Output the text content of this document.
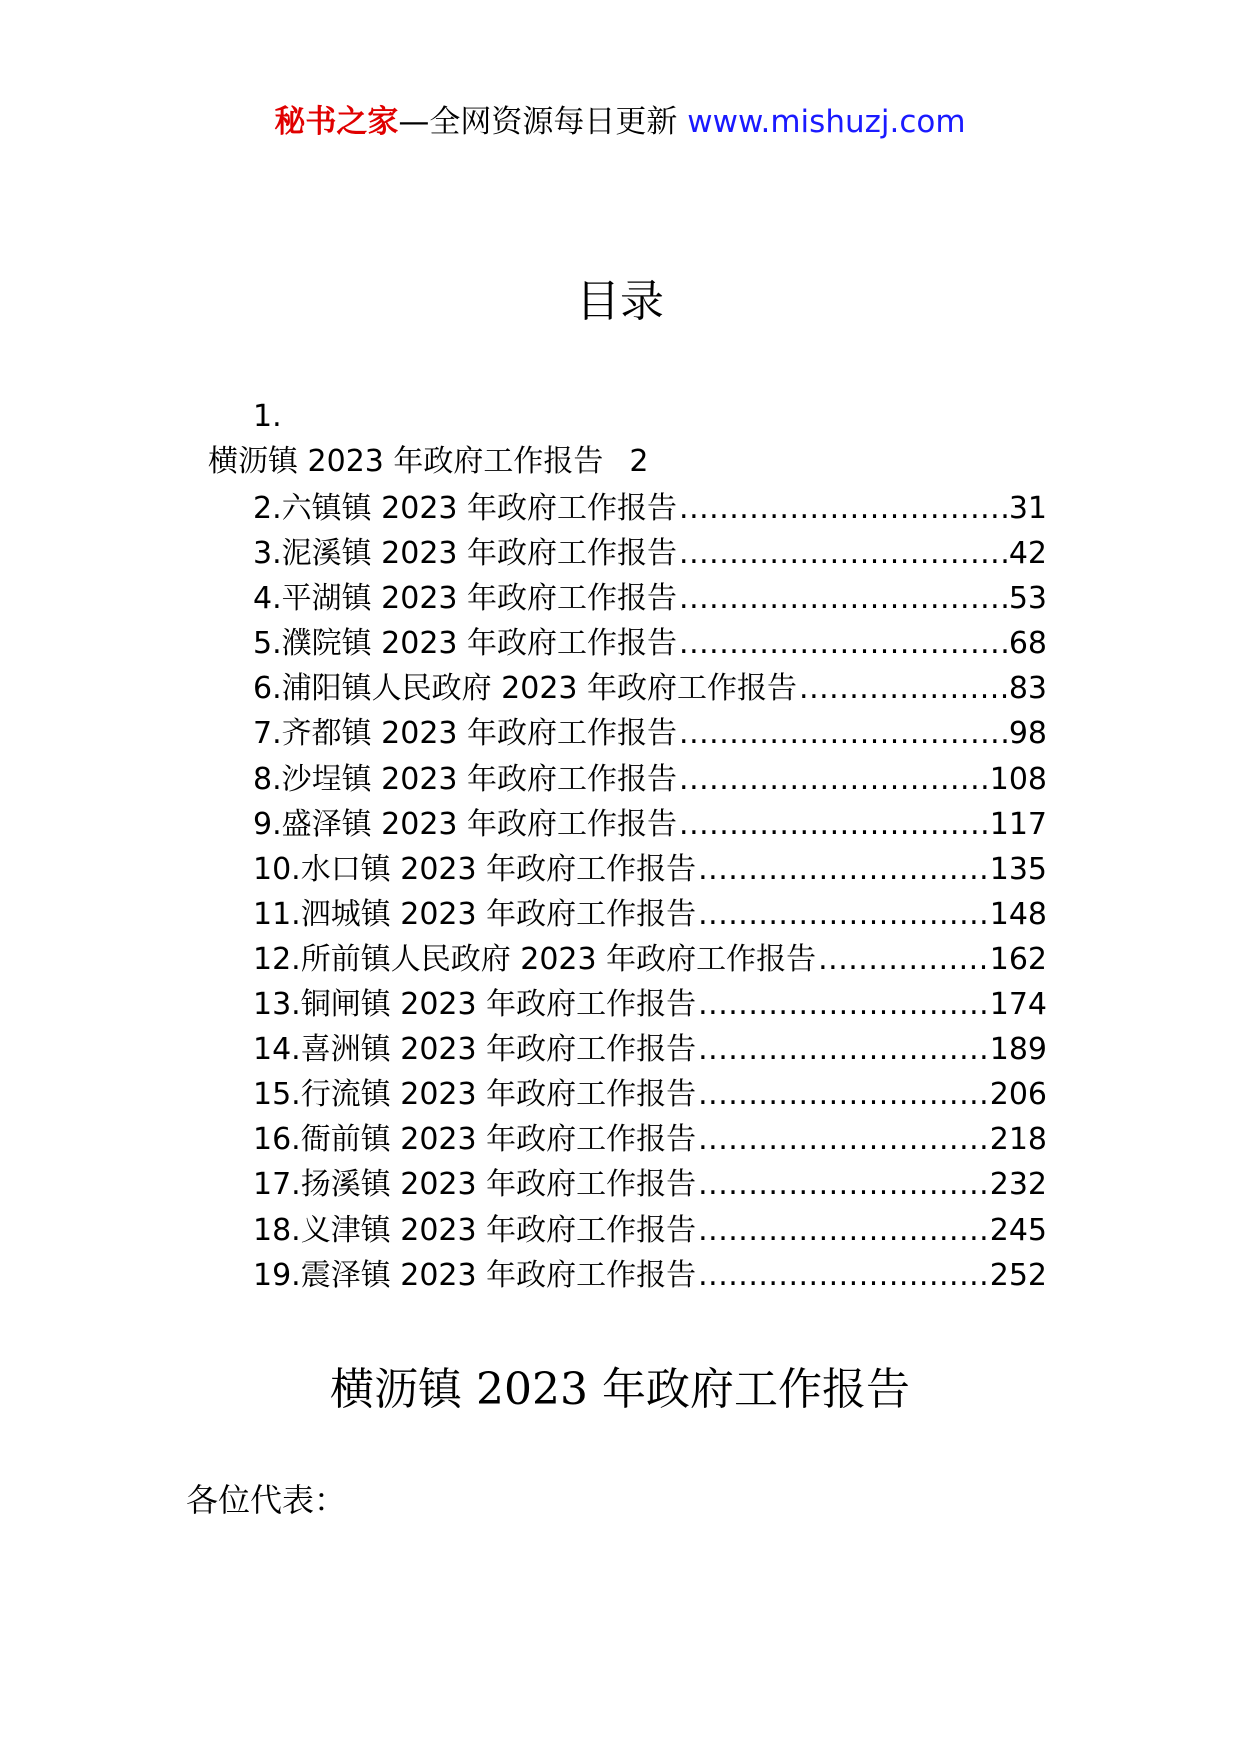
秘书之家—全网资源每日更新 www.mishuzj.com
目录
1.
横沥镇 2023 年政府工作报告 2
2.六镇镇 2023 年政府工作报告 .....	31
3.泥溪镇 2023 年政府工作报告 .....	42
4.平湖镇 2023 年政府工作报告 .....	53
5.濮院镇 2023 年政府工作报告 .....	68
6.浦阳镇人民政府 2023 年政府工作报告 .....	83
7.齐都镇 2023 年政府工作报告 .....	98
8.沙埕镇 2023 年政府工作报告 .....	108
9.盛泽镇 2023 年政府工作报告 .....	117
10.水口镇 2023 年政府工作报告 .....	135
11.泗城镇 2023 年政府工作报告 .....	148
12.所前镇人民政府 2023 年政府工作报告 .....	162
13.铜闸镇 2023 年政府工作报告 .....	174
14.喜洲镇 2023 年政府工作报告 .....	189
15.行流镇 2023 年政府工作报告 .....	206
16.衙前镇 2023 年政府工作报告 .....	218
17.扬溪镇 2023 年政府工作报告 .....	232
18.义津镇 2023 年政府工作报告 .....	245
19.震泽镇 2023 年政府工作报告 .....	252
横沥镇 2023 年政府工作报告
各位代表：
